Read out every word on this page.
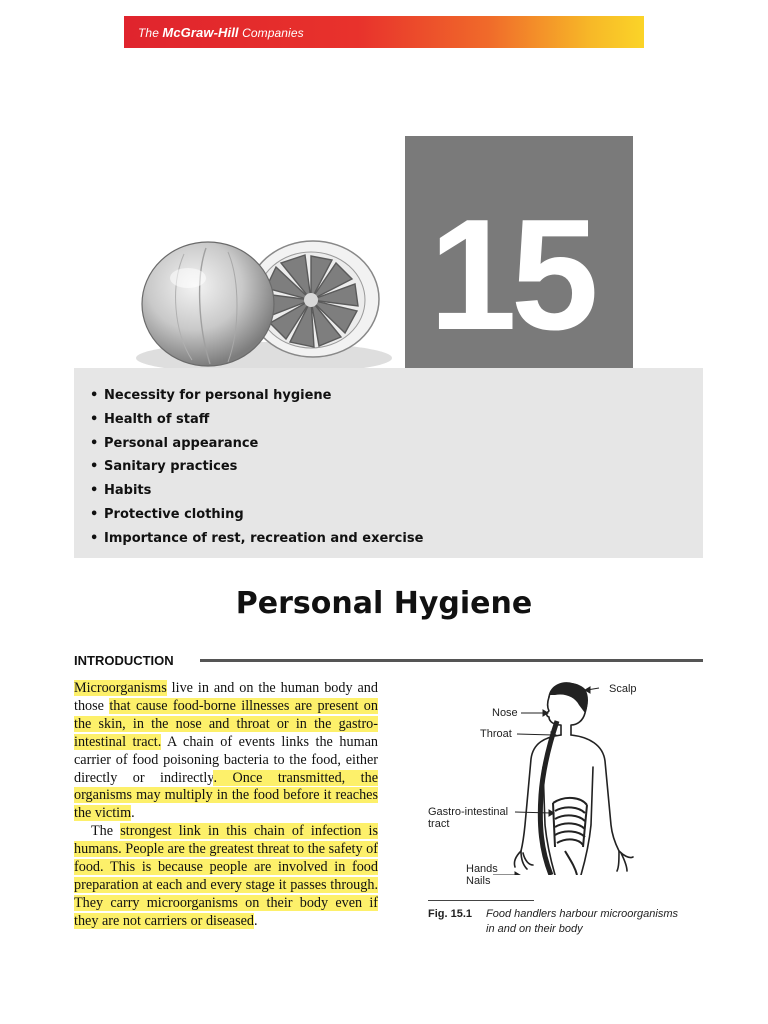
The McGraw-Hill Companies
15
• Necessity for personal hygiene
• Health of staff
• Personal appearance
• Sanitary practices
• Habits
• Protective clothing
• Importance of rest, recreation and exercise
Personal Hygiene
INTRODUCTION

Microorganisms live in and on the human body and those that cause food-borne illnesses are present on the skin, in the nose and throat or in the gastro-intestinal tract. A chain of events links the human carrier of food poisoning bacteria to the food, either directly or indirectly. Once transmitted, the organisms may multiply in the food before it reaches the victim.

The strongest link in this chain of infection is humans. People are the greatest threat to the safety of food. This is because people are involved in food preparation at each and every stage it passes through. They carry microorganisms on their body even if they are not carriers or diseased.

Scalp
Nose
Throat
Gastro-intestinal
tract
Hands
Nails
Fig. 15.1 Food handlers harbour microorganisms in and on their body
